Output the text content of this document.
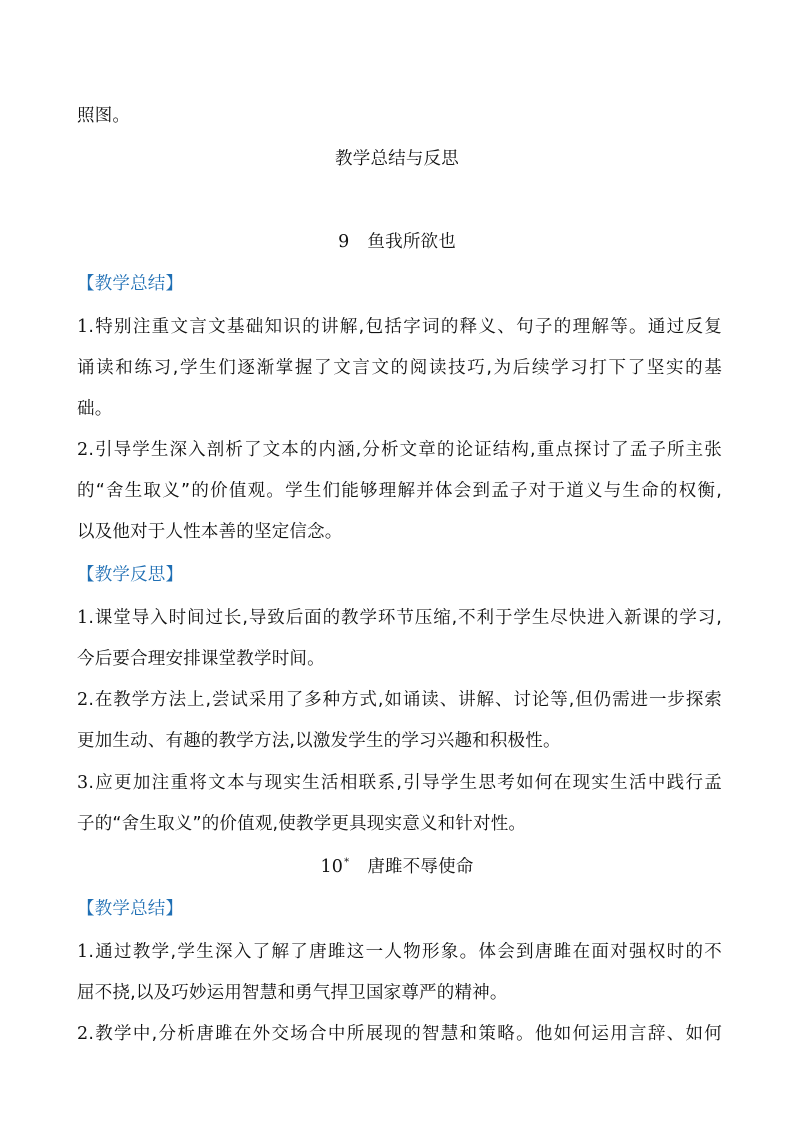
照图。
教学总结与反思
9 鱼我所欲也
【教学总结】
1.特别注重文言文基础知识的讲解,包括字词的释义、句子的理解等。通过反复
诵读和练习,学生们逐渐掌握了文言文的阅读技巧,为后续学习打下了坚实的基
础。
2.引导学生深入剖析了文本的内涵,分析文章的论证结构,重点探讨了孟子所主张
的“舍生取义”的价值观。学生们能够理解并体会到孟子对于道义与生命的权衡,
以及他对于人性本善的坚定信念。
【教学反思】
1.课堂导入时间过长,导致后面的教学环节压缩,不利于学生尽快进入新课的学习,
今后要合理安排课堂教学时间。
2.在教学方法上,尝试采用了多种方式,如诵读、讲解、讨论等,但仍需进一步探索
更加生动、有趣的教学方法,以激发学生的学习兴趣和积极性。
3.应更加注重将文本与现实生活相联系,引导学生思考如何在现实生活中践行孟
子的“舍生取义”的价值观,使教学更具现实意义和针对性。
10* 唐雎不辱使命
【教学总结】
1.通过教学,学生深入了解了唐雎这一人物形象。体会到唐雎在面对强权时的不
屈不挠,以及巧妙运用智慧和勇气捍卫国家尊严的精神。
2.教学中,分析唐雎在外交场合中所展现的智慧和策略。他如何运用言辞、如何
